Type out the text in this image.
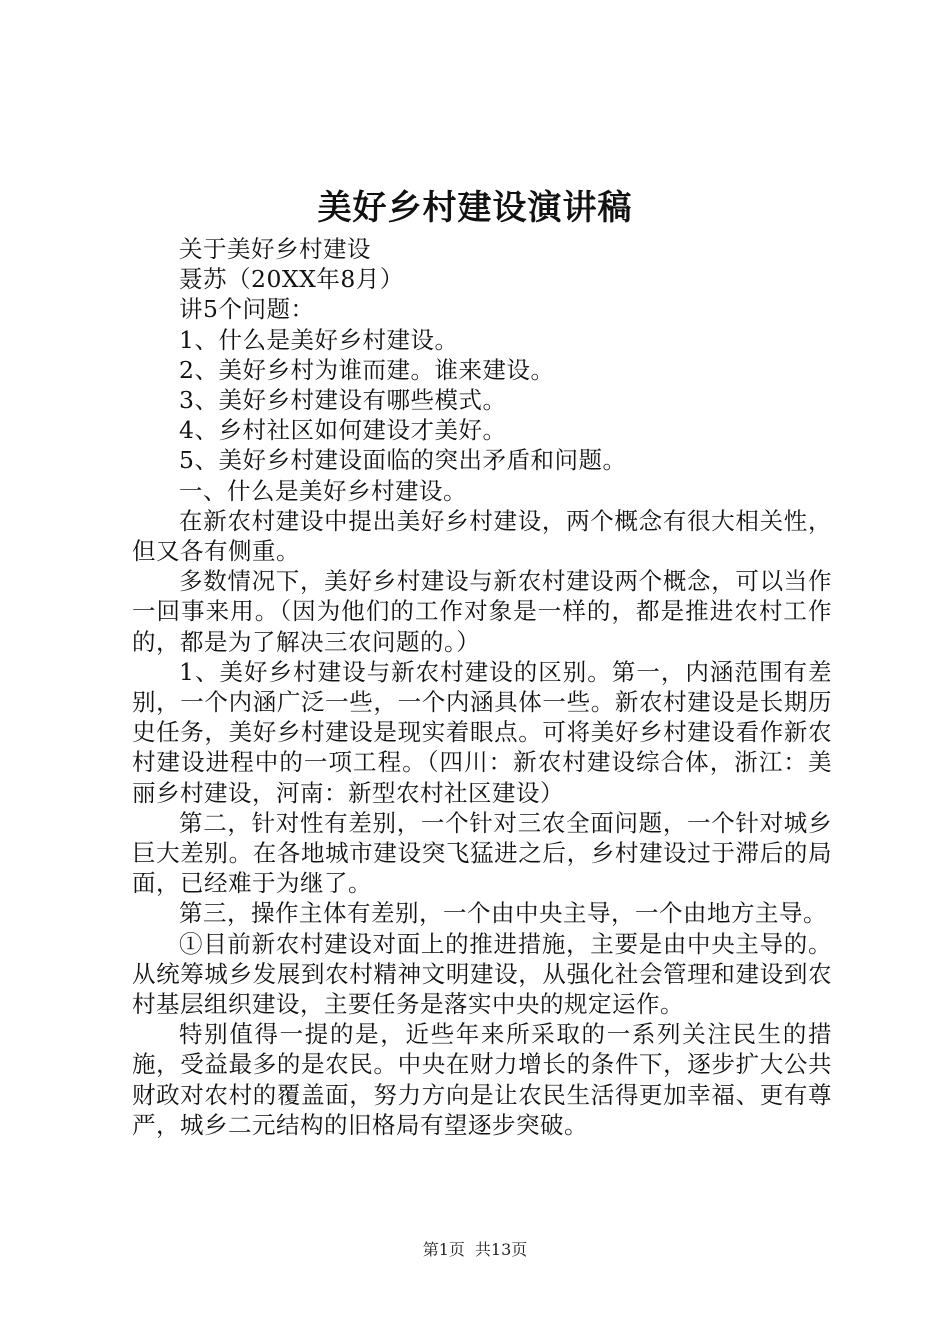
美好乡村建设演讲稿

关于美好乡村建设

聂苏（20XX年8月）

讲5个问题：

1、什么是美好乡村建设。

2、美好乡村为谁而建。谁来建设。

3、美好乡村建设有哪些模式。

4、乡村社区如何建设才美好。

5、美好乡村建设面临的突出矛盾和问题。

一、什么是美好乡村建设。

在新农村建设中提出美好乡村建设，两个概念有很大相关性，但又各有侧重。

多数情况下，美好乡村建设与新农村建设两个概念，可以当作一回事来用。（因为他们的工作对象是一样的，都是推进农村工作的，都是为了解决三农问题的。）

1、美好乡村建设与新农村建设的区别。第一，内涵范围有差别，一个内涵广泛一些，一个内涵具体一些。新农村建设是长期历史任务，美好乡村建设是现实着眼点。可将美好乡村建设看作新农村建设进程中的一项工程。（四川：新农村建设综合体，浙江：美丽乡村建设，河南：新型农村社区建设）

第二，针对性有差别，一个针对三农全面问题，一个针对城乡巨大差别。在各地城市建设突飞猛进之后，乡村建设过于滞后的局面，已经难于为继了。

第三，操作主体有差别，一个由中央主导，一个由地方主导。

①目前新农村建设对面上的推进措施，主要是由中央主导的。从统筹城乡发展到农村精神文明建设，从强化社会管理和建设到农村基层组织建设，主要任务是落实中央的规定运作。

特别值得一提的是，近些年来所采取的一系列关注民生的措施，受益最多的是农民。中央在财力增长的条件下，逐步扩大公共财政对农村的覆盖面，努力方向是让农民生活得更加幸福、更有尊严，城乡二元结构的旧格局有望逐步突破。

第1页 共13页
